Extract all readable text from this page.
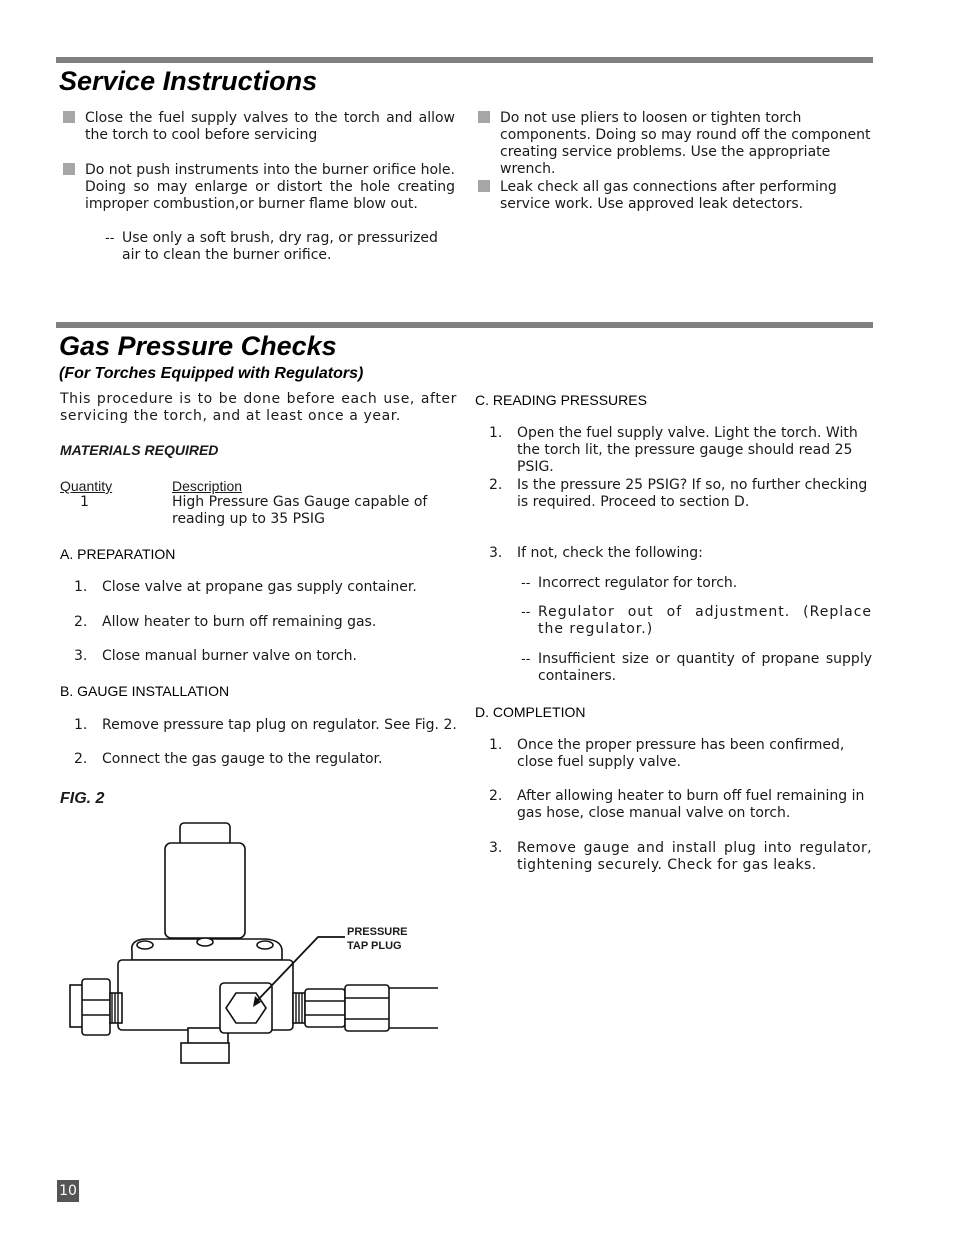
Service Instructions
Close the fuel supply valves to the torch and allow the torch to cool before servicing
Do not push instruments into the burner orifice hole. Doing so may enlarge or distort the hole creating improper combustion,or burner flame blow out.
-- Use only a soft brush, dry rag, or pressurized air to clean the burner orifice.
Do not use pliers to loosen or tighten torch components. Doing so may round off the component creating service problems. Use the appropriate wrench.
Leak check all gas connections after performing service work. Use approved leak detectors.
Gas Pressure Checks
(For Torches Equipped with Regulators)
This procedure is to be done before each use, after servicing the torch, and at least once a year.
MATERIALS REQUIRED
Quantity	Description
1	High Pressure Gas Gauge capable of reading up to 35 PSIG
A. PREPARATION
1. Close valve at propane gas supply container.
2. Allow heater to burn off remaining gas.
3. Close manual burner valve on torch.
B. GAUGE INSTALLATION
1. Remove pressure tap plug on regulator. See Fig. 2.
2. Connect the gas gauge to the regulator.
FIG. 2
PRESSURE
TAP PLUG
C. READING PRESSURES
1. Open the fuel supply valve. Light the torch. With the torch lit, the pressure gauge should read 25 PSIG.
2. Is the pressure 25 PSIG? If so, no further checking is required. Proceed to section D.
3. If not, check the following:
-- Incorrect regulator for torch.
-- Regulator out of adjustment. (Replace the regulator.)
-- Insufficient size or quantity of propane supply containers.
D. COMPLETION
1. Once the proper pressure has been confirmed, close fuel supply valve.
2. After allowing heater to burn off fuel remaining in gas hose, close manual valve on torch.
3. Remove gauge and install plug into regulator, tightening securely. Check for gas leaks.
10
